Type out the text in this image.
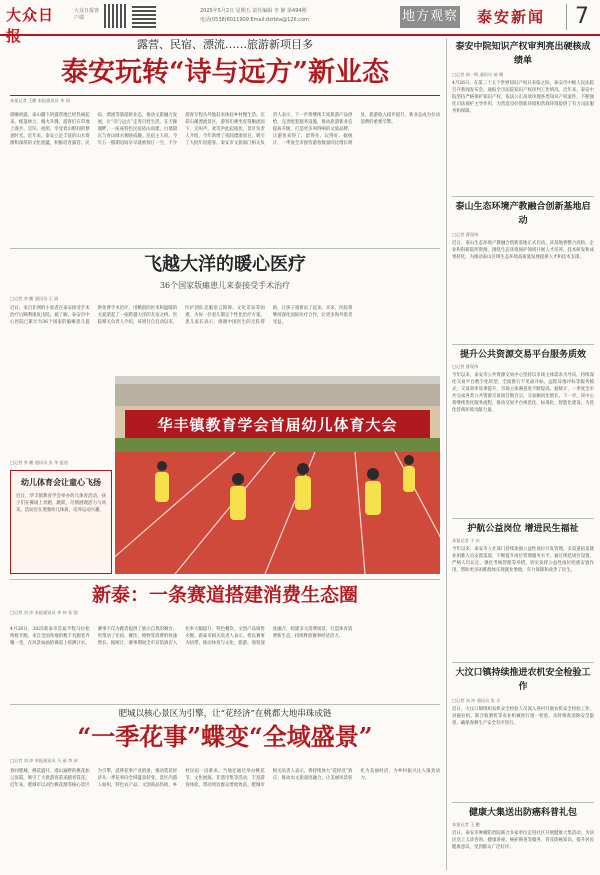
大众日报
大众日报客户端
2025年5月2日 星期五 责任编辑 李 静 第494期
电话(0538)6011909 Email:dzrbta@126.com	地方观察	泰安新闻	7
露营、民宿、漂流……旅游新项目多
泰安玩转“诗与远方”新业态
本报记者 王鹏 本报通讯员 李 同
晨曦初露，泰山脚下的露营地已经热闹起来。帐篷林立，烟火升腾，游客们在草地上漫步、烹饪、拍照，享受着山野间的惬意时光。近年来，泰安立足丰富的山水资源和深厚的文化底蕴，积极培育露营、民宿、漂流等旅游新业态，推动文旅融合发展，让“诗与远方”走进百姓生活。在天颐湖畔，一座座特色民宿依山而建，白墙黛瓦与青山绿水相映成趣。民宿主人说，今年五一假期房间早早就被预订一空，不少游客专程从外地赶来体验乡村慢生活。在彩石溪漂流景区，游客们乘坐皮筏顺流而下，尖叫声、欢笑声此起彼伏。景区负责人介绍，今年新增了夜间漂流项目，吸引了大批年轻游客。泰安市文旅部门相关负责人表示，下一步将继续丰富旅游产品供给，完善配套服务设施，推动旅游新业态提质升级，打造更多叫得响的文旅品牌，让游客来得了、留得住、玩得好。据统计，一季度全市接待游客数量同比增长明显，旅游收入稳步提升，新业态成为拉动消费的重要引擎。
飞越大洋的暖心医疗
36个国家版瘫患儿来泰接受手术治疗
□记者 李 鹏 通讯员 王 丽
近日，来自非洲的小患者在泰安接受手术治疗后顺利康复出院。据了解，泰安市中心医院已累计为36个国家的脑瘫患儿提供免费手术治疗，用精湛的医术和温暖的关爱架起了一座跨越大洋的友谊之桥。医院相关负责人介绍，该项目自启动以来，医护团队克服语言障碍、文化差异等困难，为每一位患儿制定个性化治疗方案。患儿家长表示，感谢中国医生的无私帮助，让孩子重新站了起来。未来，医院将继续深化国际医疗合作，让更多海外患者受益。
幼儿体育会让童心飞扬
近日，华丰镇教育学会举办幼儿体育活动，孩子们在操场上奔跑、跳跃，尽情展现活力与风采。活动旨在增强幼儿体质，培养运动兴趣。
华丰镇教育学会首届幼儿体育大会
□记者 李 鹏 通讯员 张 华 报道
新泰：一条赛道搭建消费生态圈
□记者 刘 冲 本报通讯员 李 伟 张 强
4月26日，2025新泰市首届半程马拉松鸣枪开跑，来自全国各地的数千名跑者齐聚一堂，在风景如画的赛道上挥洒汗水。赛事不仅为跑者提供了展示自我的舞台，更带动了住宿、餐饮、购物等消费的快速增长。据统计，赛事期间全市宾馆酒店入住率大幅提升，特色餐饮、文创产品销售火爆。新泰市相关负责人表示，将以赛事为纽带，推动体育与文化、旅游、商贸深度融合，构建多元消费场景，打造体育消费新生态，持续释放赛事经济活力。
肥城以核心景区为引擎，让“花经济”在桃都大地串珠成链
“一季花事”蝶变“全域盛景”
□记者 刘 冲 本报通讯员 马 丽 李 冰
春回肥城，桃花盛开。漫山遍野的桃花如云似霞，吸引了大批游客前来踏青赏花。近年来，肥城市以刘台桃花源等核心景区为引擎，延伸花事产业链条，推动赏花经济从一季花事向全域盛景转变。景区内游人如织，特色农产品、文创商品热销，乡村民宿一房难求。当地还通过举办桃花节、文化展演、非遗市集等活动，丰富游客体验，带动周边群众增收致富。肥城市相关负责人表示，将持续放大“花经济”效应，推动农文旅深度融合，让美丽风景转化为美丽经济，为乡村振兴注入强劲动力。
泰安中院知识产权审判亮出硬核成绩单
□记者 郭一鸣 通讯员 郝 娜
4月26日，在第二十五个世界知识产权日来临之际，泰安市中级人民法院召开新闻发布会，通报全市法院知识产权审判工作情况。近年来，泰安中院坚持严格保护知识产权，依法公正高效审理各类知识产权案件，不断强化司法保护主导作用，为营造良好创新环境和营商环境提供了有力司法服务和保障。
泰山生态环境产教融合创新基地启动
□记者 曹现伟
近日，泰山生态环境产教融合创新基地正式启动。该基地将整合高校、企业和科研院所资源，围绕生态环境保护领域开展人才培养、技术研发和成果转化，为推动泰山区域生态环境高质量发展提供人才和技术支撑。
提升公共资源交易平台服务质效
□记者 曹现伟
今年以来，泰安市公共资源交易中心坚持以市场主体需求为导向，持续深化交易平台数字化转型，全面推行不见面开标、远程异地评标等服务模式，交易效率显著提升，市场主体满意度不断提高。据统计，一季度全市共完成各类公共资源交易项目数百宗，交易额同比增长。下一步，该中心将继续优化服务流程，推动交易平台规范化、标准化、智能化建设，为优化营商环境贡献力量。
护航公益岗位 增进民生福祉
本报记者 于 庆
今年以来，泰安市人社部门持续加强公益性岗位开发管理，多渠道拓宽就业困难人员安置渠道，不断提升岗位管理服务水平。通过规范岗位设置、严格人员认定、强化考核管理等举措，切实发挥公益性岗位兜底安置作用，帮助更多困难群体实现就业增收，有力保障和改善了民生。
大汶口镇持续推进农机安全检验工作
□记者 刘 冲 通讯员 张 丰
近日，大汶口镇组织农机安全检验人员深入各村开展农机安全检验工作，对拖拉机、联合收割机等农业机械进行逐一检验，及时排查消除安全隐患，确保春耕生产安全有序进行。
健康大集送出防癌科普礼包
本报记者 王 鹏
近日，泰安市肿瘤防治院联合多家单位走进社区开展健康大集活动，为居民送上义诊咨询、健康讲座、癌症筛查等服务，普及防癌知识，提升居民健康意识，受到群众广泛好评。
